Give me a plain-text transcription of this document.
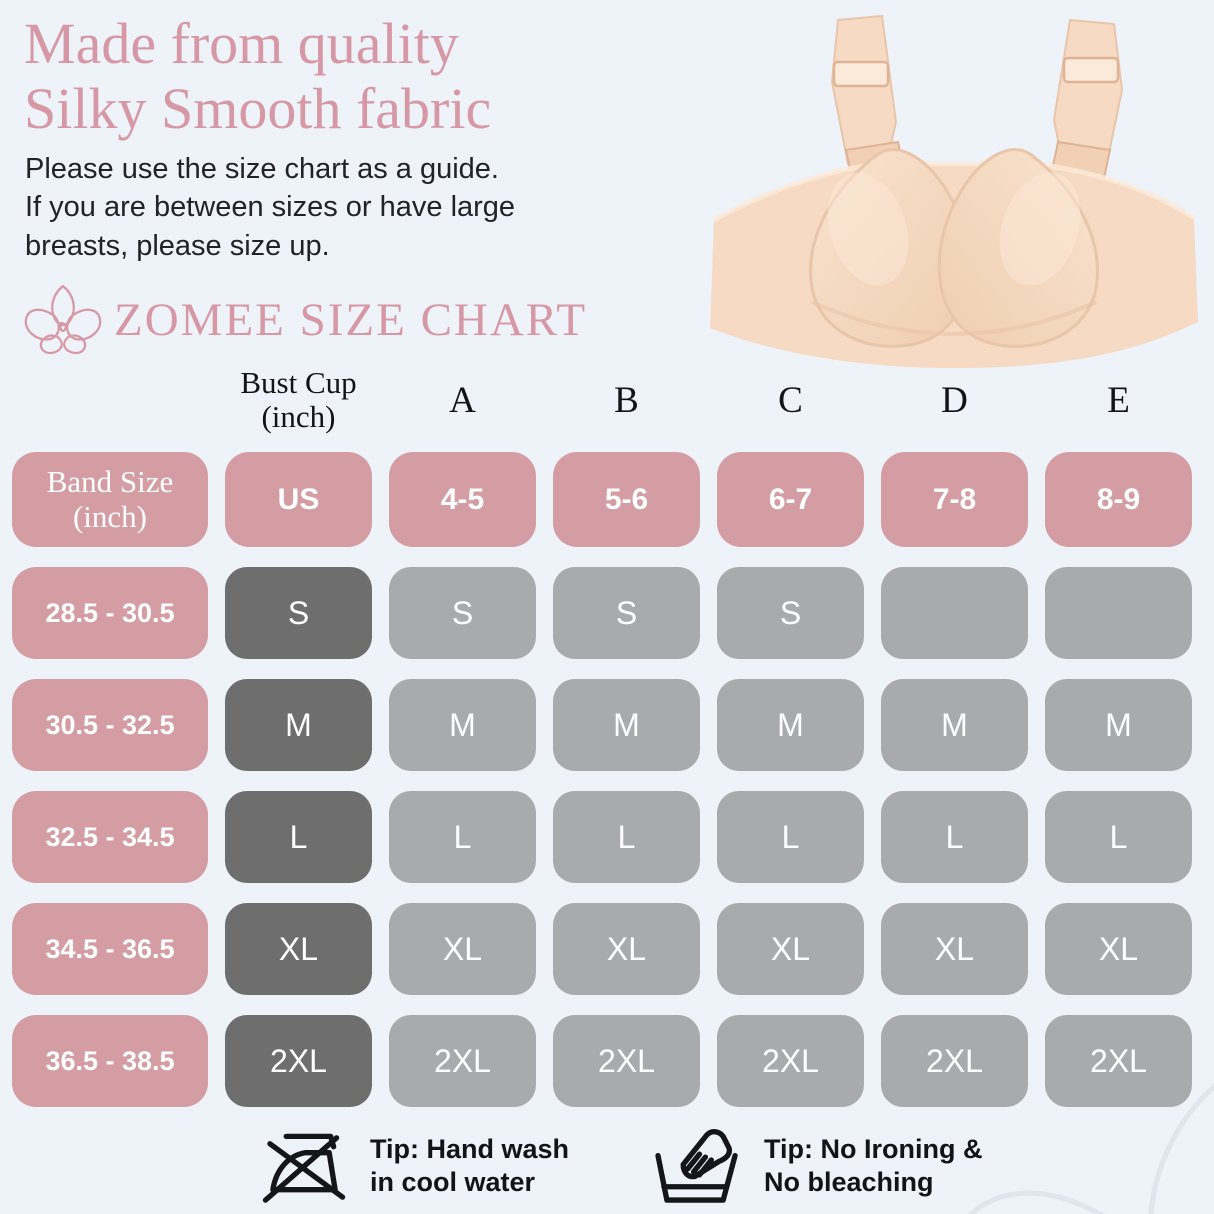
Made from quality
Silky Smooth fabric
Please use the size chart as a guide.
If you are between sizes or have large
breasts, please size up.
ZOMEE SIZE CHART
Bust Cup
(inch)	A	B	C	D	E
Band Size
(inch)	US	4-5	5-6	6-7	7-8	8-9
28.5 - 30.5	S	S	S	S
30.5 - 32.5	M	M	M	M	M	M
32.5 - 34.5	L	L	L	L	L	L
34.5 - 36.5	XL	XL	XL	XL	XL	XL
36.5 - 38.5	2XL	2XL	2XL	2XL	2XL	2XL
Tip: Hand wash
in cool water
Tip: No Ironing &
No bleaching
